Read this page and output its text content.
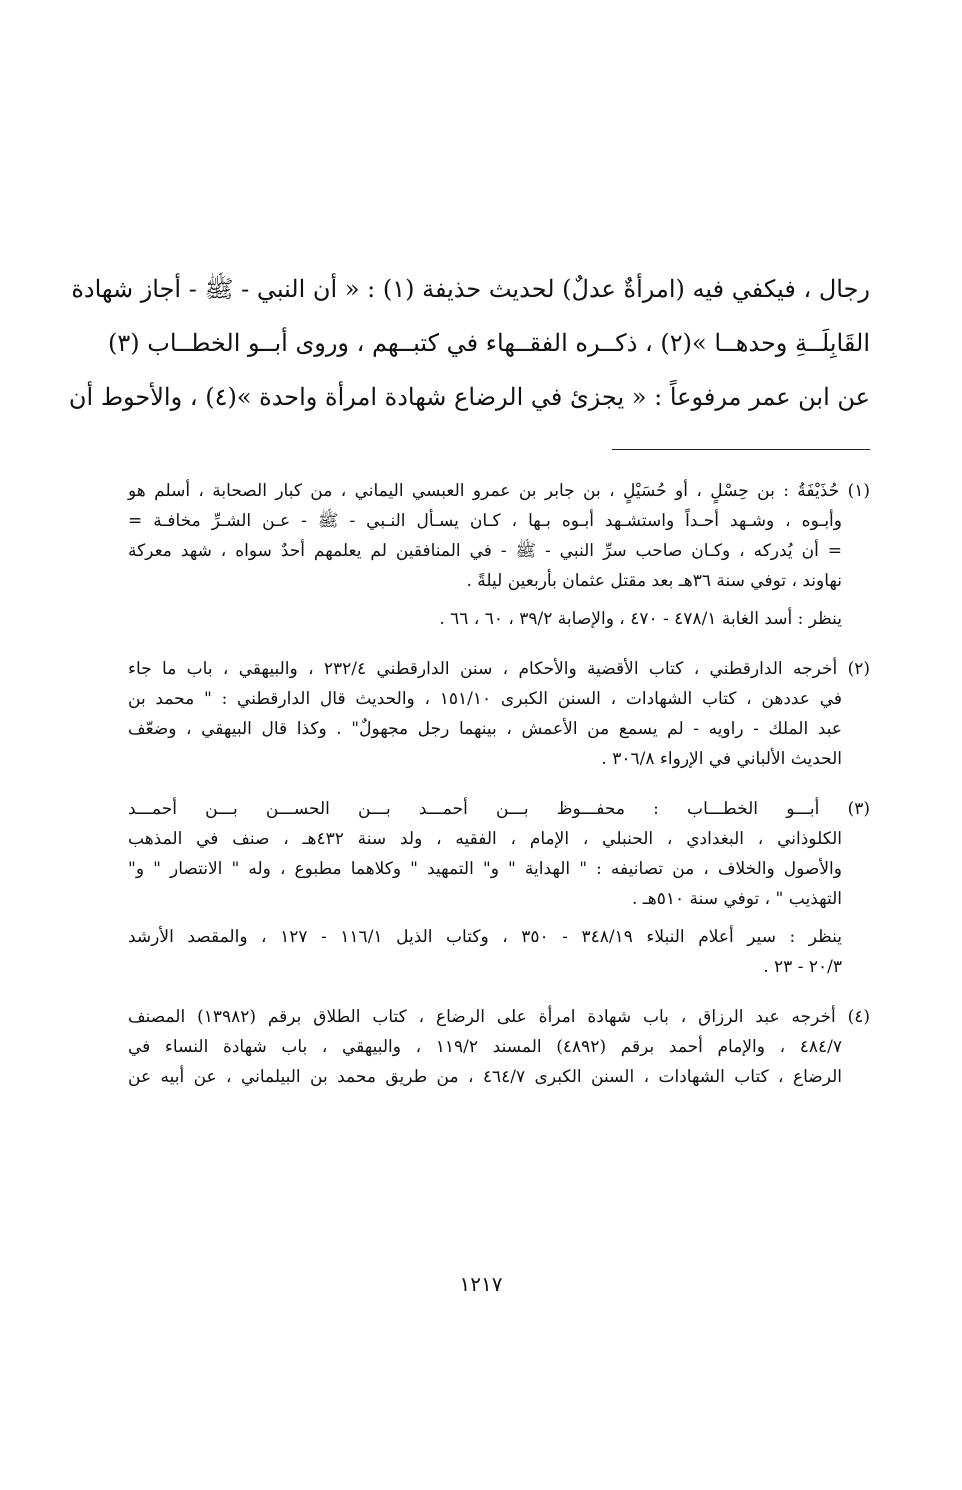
رجال ، فيكفي فيه (امرأةٌ عدلٌ) لحديث حذيفة (١) : « أن النبي - ﷺ - أجاز شهادة
القَابِلَــةِ وحدهــا »(٢) ، ذكــره الفقــهاء في كتبــهم ، وروى أبــو الخطــاب (٣)
عن ابن عمر مرفوعاً : « يجزئ في الرضاع شهادة امرأة واحدة »(٤) ، والأحوط أن
(١) حُذَيْفَةُ : بن حِسْلٍ ، أو حُسَيْلٍ ، بن جابر بن عمرو العبسي اليماني ، من كبار الصحابة ، أسلم هو
وأبـوه ، وشـهد أحـداً واستشـهد أبـوه بـها ، كـان يسـأل النـبي - ﷺ - عـن الشـرِّ مخافـة =
= أن يُدركه ، وكـان صاحب سرِّ النبي - ﷺ - في المنافقين لم يعلمهم أحدٌ سواه ، شهد معركة
نهاوند ، توفي سنة ٣٦هـ بعد مقتل عثمان بأربعين ليلةً .
ينظر : أسد الغابة ٤٧٨/١ - ٤٧٠ ، والإصابة ٣٩/٢ ، ٦٠ ، ٦٦ .
(٢) أخرجه الدارقطني ، كتاب الأقضية والأحكام ، سنن الدارقطني ٢٣٢/٤ ، والبيهقي ، باب ما جاء
في عددهن ، كتاب الشهادات ، السنن الكبرى ١٥١/١٠ ، والحديث قال الدارقطني : " محمد بن
عبد الملك - راويه - لم يسمع من الأعمش ، بينهما رجل مجهولٌ" . وكذا قال البيهقي ، وضعّف
الحديث الألباني في الإرواء ٣٠٦/٨ .
(٣) أبـــو الخطـــاب : محفـــوظ بـــن أحمـــد بـــن الحســـن بـــن أحمـــد
الكلوذاني ، البغدادي ، الحنبلي ، الإمام ، الفقيه ، ولد سنة ٤٣٢هـ ، صنف في المذهب
والأصول والخلاف ، من تصانيفه : " الهداية " و" التمهيد " وكلاهما مطبوع ، وله " الانتصار " و"
التهذيب " ، توفي سنة ٥١٠هـ .
ينظر : سير أعلام النبلاء ٣٤٨/١٩ - ٣٥٠ ، وكتاب الذيل ١١٦/١ - ١٢٧ ، والمقصد الأرشد
٢٠/٣ - ٢٣ .
(٤) أخرجه عبد الرزاق ، باب شهادة امرأة على الرضاع ، كتاب الطلاق برقم (١٣٩٨٢) المصنف
٤٨٤/٧ ، والإمام أحمد برقم (٤٨٩٢) المسند ١١٩/٢ ، والبيهقي ، باب شهادة النساء في
الرضاع ، كتاب الشهادات ، السنن الكبرى ٤٦٤/٧ ، من طريق محمد بن البيلماني ، عن أبيه عن
١٢١٧
